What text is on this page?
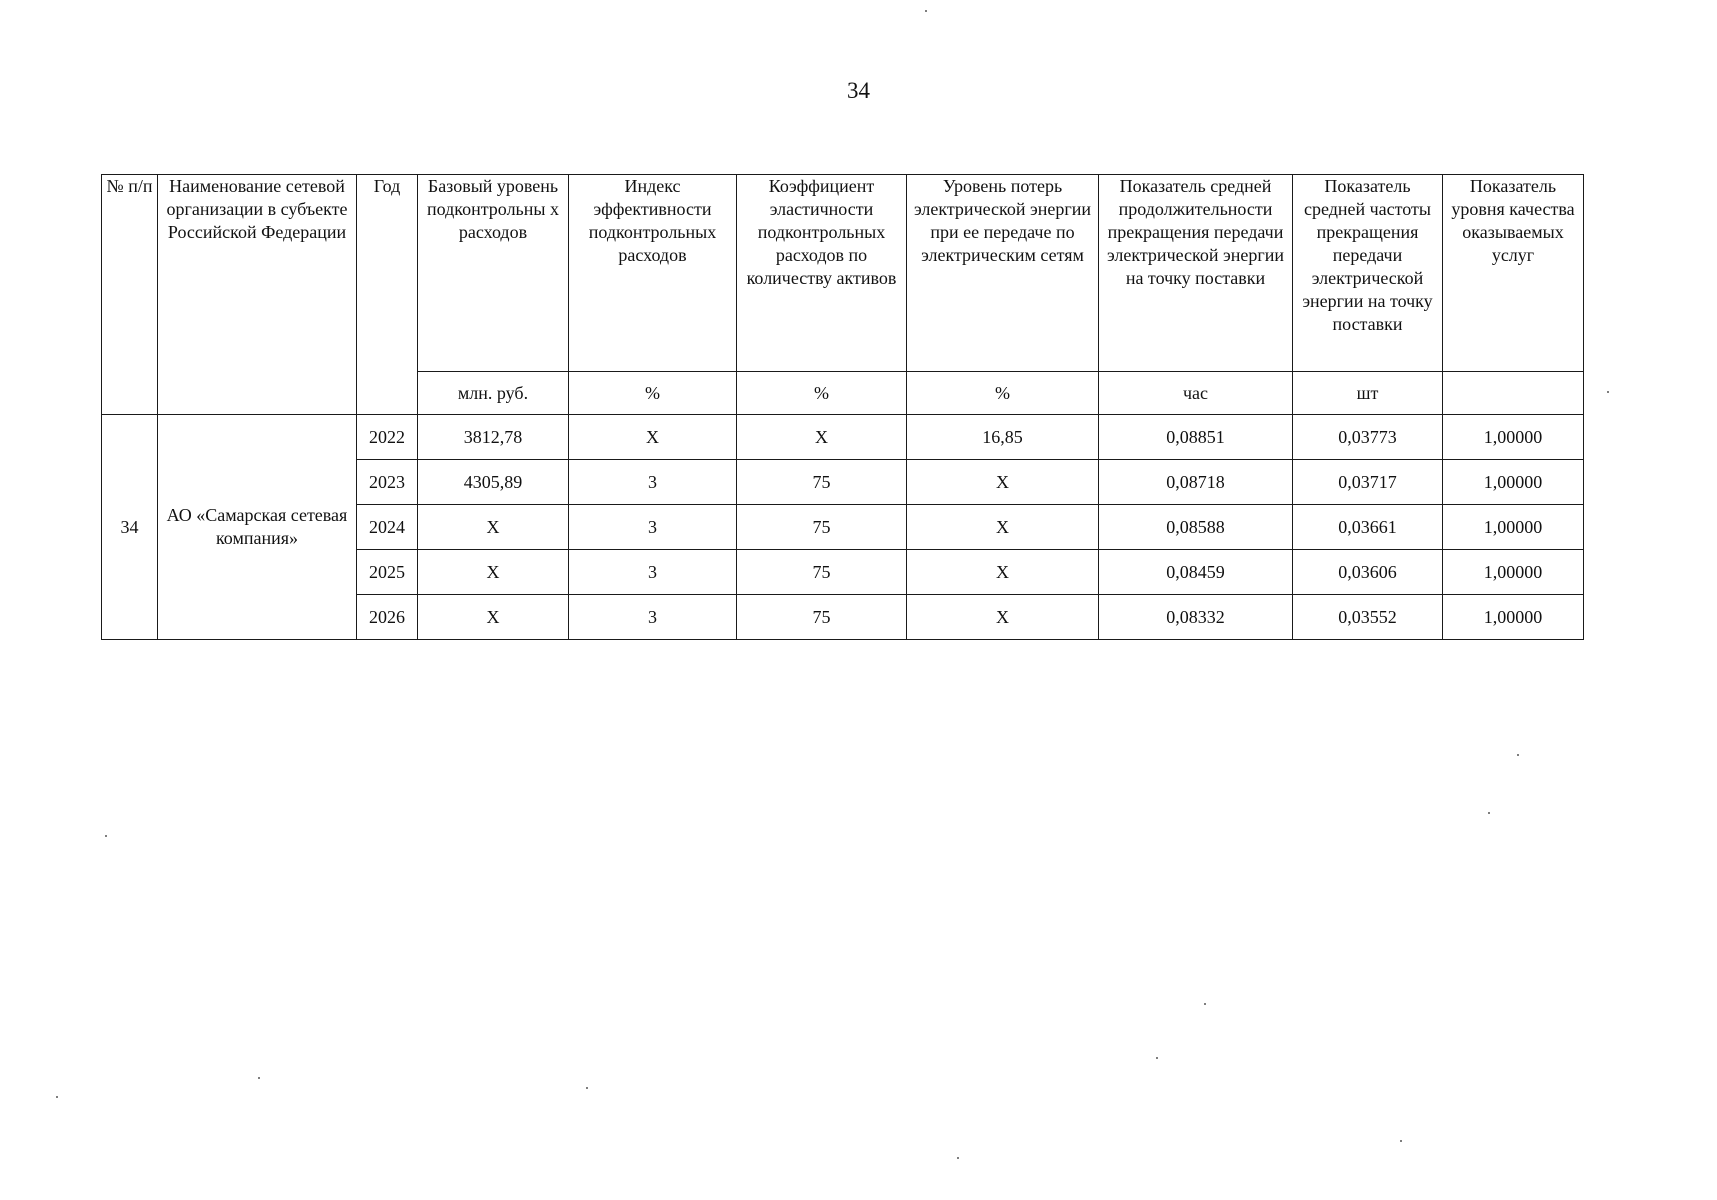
34
№ п/п	Наименование сетевой организации в субъекте Российской Федерации	Год	Базовый уровень подконтрольны х расходов	Индекс эффективности подконтрольных расходов	Коэффициент эластичности подконтрольных расходов по количеству активов	Уровень потерь электрической энергии при ее передаче по электрическим сетям	Показатель средней продолжительности прекращения передачи электрической энергии на точку поставки	Показатель средней частоты прекращения передачи электрической энергии на точку поставки	Показатель уровня качества оказываемых услуг
			млн. руб.	%	%	%	час	шт	
34	АО «Самарская сетевая компания»	2022	3812,78	Х	Х	16,85	0,08851	0,03773	1,00000
		2023	4305,89	3	75	Х	0,08718	0,03717	1,00000
		2024	Х	3	75	Х	0,08588	0,03661	1,00000
		2025	Х	3	75	Х	0,08459	0,03606	1,00000
		2026	Х	3	75	Х	0,08332	0,03552	1,00000
